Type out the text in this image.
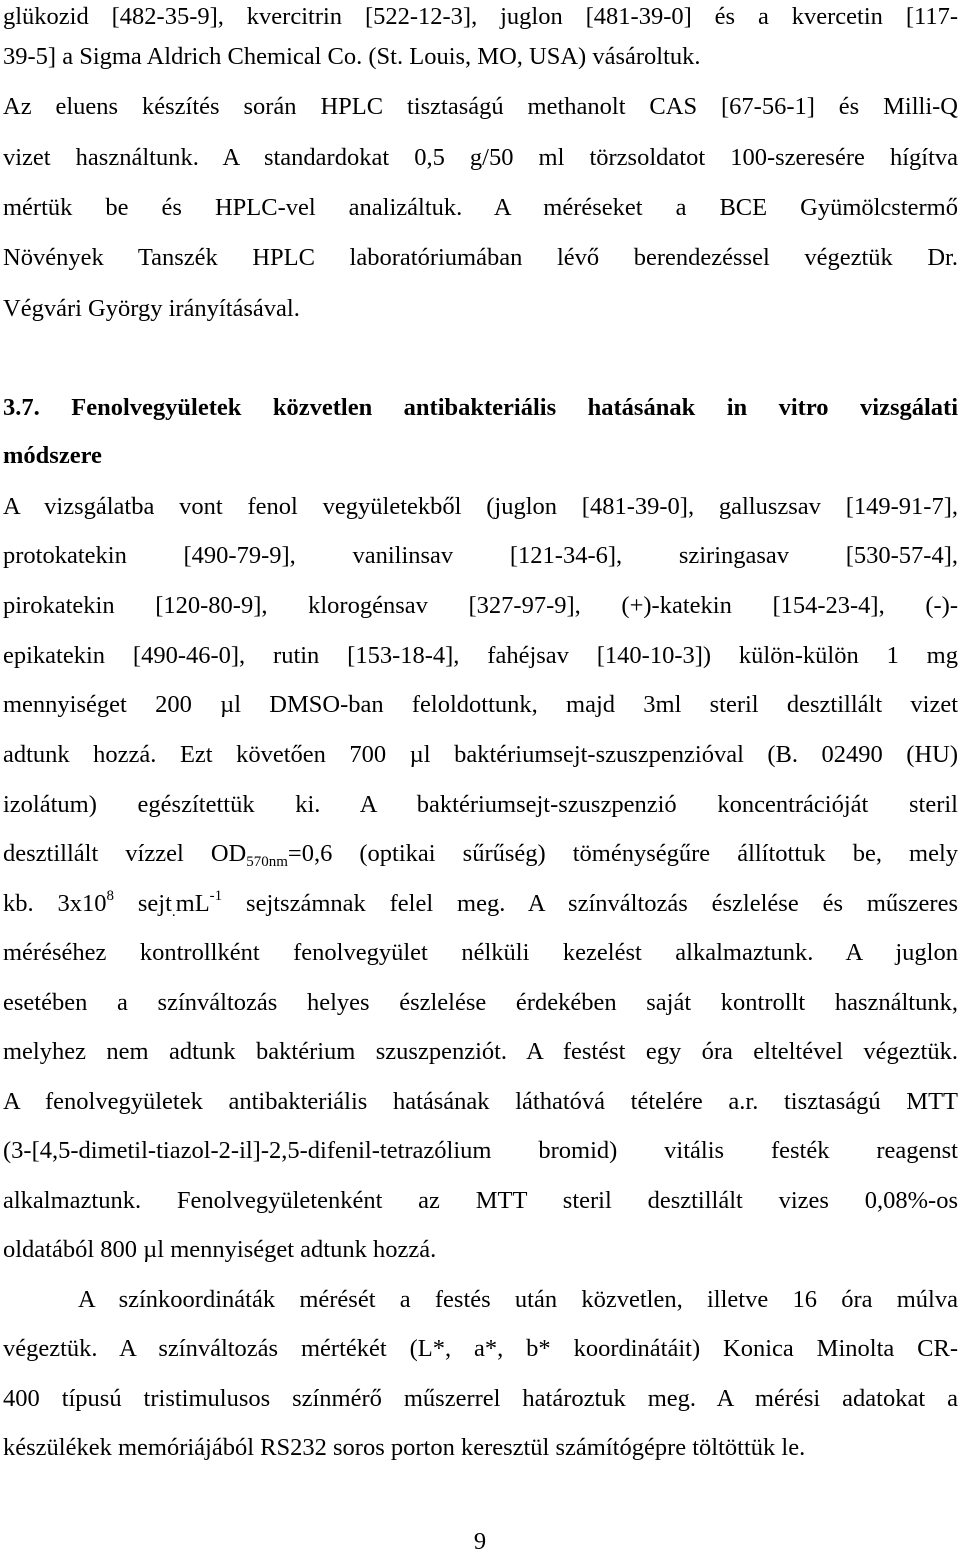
glükozid [482-35-9], kvercitrin [522-12-3], juglon [481-39-0] és a kvercetin [117-
39-5] a Sigma Aldrich Chemical Co. (St. Louis, MO, USA) vásároltuk.
Az eluens készítés során HPLC tisztaságú methanolt CAS [67-56-1] és Milli-Q
vizet használtunk. A standardokat 0,5 g/50 ml törzsoldatot 100-szeresére hígítva
mértük be és HPLC-vel analizáltuk. A méréseket a BCE Gyümölcstermő
Növények Tanszék HPLC laboratóriumában lévő berendezéssel végeztük Dr.
Végvári György irányításával.
3.7. Fenolvegyületek közvetlen antibakteriális hatásának in vitro vizsgálati
módszere
A vizsgálatba vont fenol vegyületekből (juglon [481-39-0], galluszsav [149-91-7],
protokatekin [490-79-9], vanilinsav [121-34-6], sziringasav [530-57-4],
pirokatekin [120-80-9], klorogénsav [327-97-9], (+)-katekin [154-23-4], (-)-
epikatekin [490-46-0], rutin [153-18-4], fahéjsav [140-10-3]) külön-külön 1 mg
mennyiséget 200 µl DMSO-ban feloldottunk, majd 3ml steril desztillált vizet
adtunk hozzá. Ezt követően 700 µl baktériumsejt-szuszpenzióval (B. 02490 (HU)
izolátum) egészítettük ki. A baktériumsejt-szuszpenzió koncentrációját steril
desztillált vízzel $OD_{570nm}=0,6$ (optikai sűrűség) töménységűre állítottuk be, mely
kb. $3x10^8$ $sejt_.mL^{-1}$ sejtszámnak felel meg. A színváltozás észlelése és műszeres
méréséhez kontrollként fenolvegyület nélküli kezelést alkalmaztunk. A juglon
esetében a színváltozás helyes észlelése érdekében saját kontrollt használtunk,
melyhez nem adtunk baktérium szuszpenziót. A festést egy óra elteltével végeztük.
A fenolvegyületek antibakteriális hatásának láthatóvá tételére a.r. tisztaságú MTT
(3-[4,5-dimetil-tiazol-2-il]-2,5-difenil-tetrazólium bromid) vitális festék reagenst
alkalmaztunk. Fenolvegyületenként az MTT steril desztillált vizes 0,08%-os
oldatából 800 µl mennyiséget adtunk hozzá.
A színkoordináták mérését a festés után közvetlen, illetve 16 óra múlva
végeztük. A színváltozás mértékét (L*, a*, b* koordinátáit) Konica Minolta CR-
400 típusú tristimulusos színmérő műszerrel határoztuk meg. A mérési adatokat a
készülékek memóriájából RS232 soros porton keresztül számítógépre töltöttük le.
9
